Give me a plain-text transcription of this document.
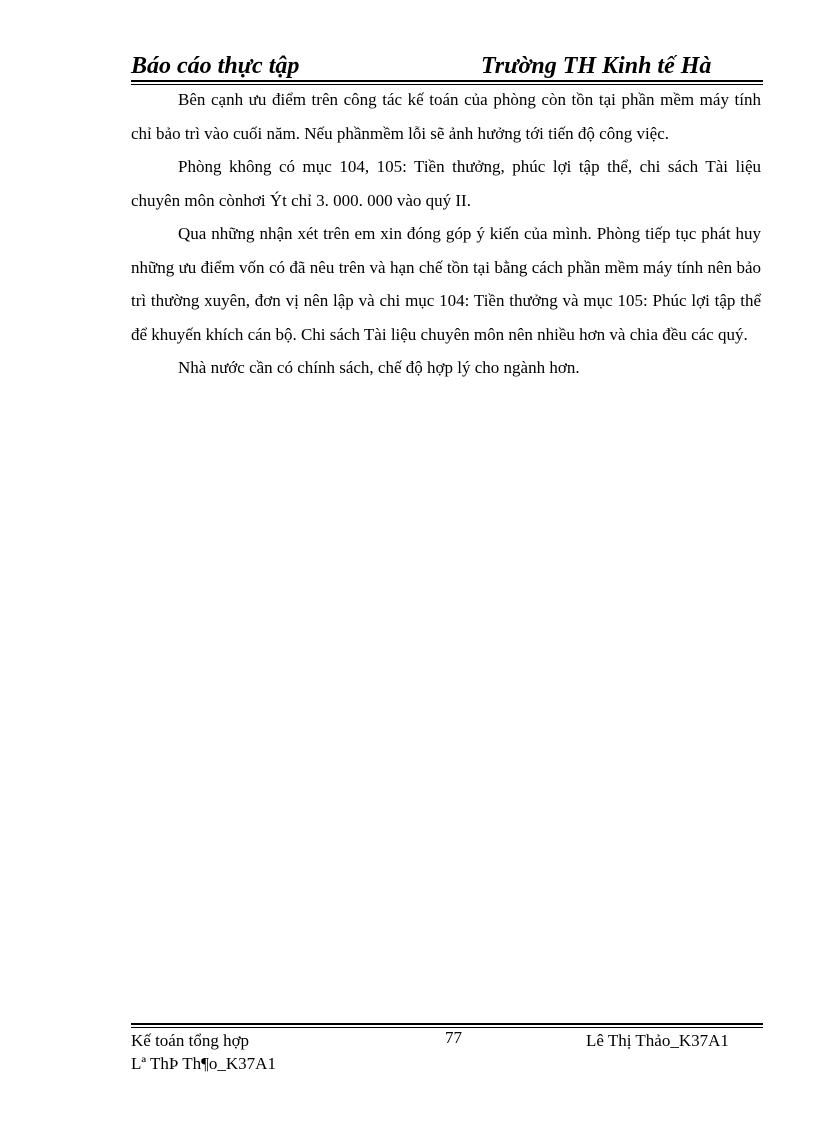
Báo cáo thực tập	Trường TH Kinh tế Hà

Bên cạnh ưu điểm trên công tác kế toán của phòng còn tồn tại phần mềm máy tính chỉ bảo trì vào cuối năm. Nếu phầnmềm lỗi sẽ ảnh hưởng tới tiến độ công việc.

Phòng không có mục 104, 105: Tiền thưởng, phúc lợi tập thể, chi sách Tài liệu chuyên môn cònhơi Ýt chỉ 3. 000. 000 vào quý II.

Qua những nhận xét trên em xin đóng góp ý kiến của mình. Phòng tiếp tục phát huy những ưu điểm vốn có đã nêu trên và hạn chế tồn tại bằng cách phần mềm máy tính nên bảo trì thường xuyên, đơn vị nên lập và chi mục 104: Tiền thưởng và mục 105: Phúc lợi tập thể để khuyến khích cán bộ. Chi sách Tài liệu chuyên môn nên nhiều hơn và chia đều các quý.

Nhà nước cần có chính sách, chế độ hợp lý cho ngành hơn.

Kế toán tổng hợp	77	Lê Thị Thảo_K37A1
Lª ThÞ Th¶o_K37A1
